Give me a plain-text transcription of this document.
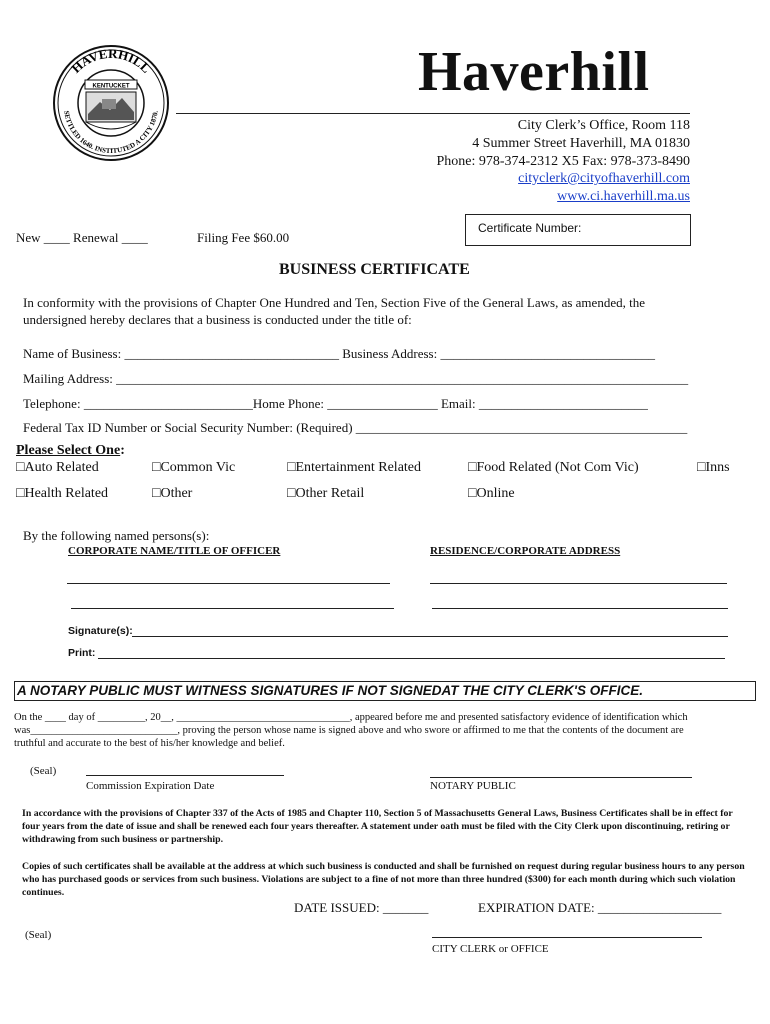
HAVERHILL
SETTLED 1640. INSTITUTED A CITY 1870.
KENTUCKET	Haverhill
City Clerk’s Office, Room 118
4 Summer Street Haverhill, MA 01830
Phone: 978-374-2312 X5 Fax: 978-373-8490
cityclerk@cityofhaverhill.com
www.ci.haverhill.ma.us
New ____ Renewal ____	Filing Fee $60.00
Certificate Number:
BUSINESS CERTIFICATE
In conformity with the provisions of Chapter One Hundred and Ten, Section Five of the General Laws, as amended, the
undersigned hereby declares that a business is conducted under the title of:
Name of Business: _________________________________ Business Address: _________________________________
Mailing Address: ________________________________________________________________________________________
Telephone: __________________________Home Phone: _________________ Email: __________________________
Federal Tax ID Number or Social Security Number: (Required) ___________________________________________________
Please Select One:
□Auto Related	□Common Vic	□Entertainment Related	□Food Related (Not Com Vic)	□Inns
□Health Related	□Other	□Other Retail	□Online
By the following named persons(s):
CORPORATE NAME/TITLE OF OFFICER	RESIDENCE/CORPORATE ADDRESS
Signature(s):
Print:
A NOTARY PUBLIC MUST WITNESS SIGNATURES IF NOT SIGNEDAT THE CITY CLERK'S OFFICE.
On the ____ day of _________, 20__, _________________________________, appeared before me and presented satisfactory evidence of identification which
was____________________________, proving the person whose name is signed above and who swore or affirmed to me that the contents of the document are
truthful and accurate to the best of his/her knowledge and belief.
(Seal)
Commission Expiration Date	NOTARY PUBLIC
In accordance with the provisions of Chapter 337 of the Acts of 1985 and Chapter 110, Section 5 of Massachusetts General Laws, Business Certificates shall be in effect for four years from the date of issue and shall be renewed each four years thereafter. A statement under oath must be filed with the City Clerk upon discontinuing, retiring or withdrawing from such business or partnership.
Copies of such certificates shall be available at the address at which such business is conducted and shall be furnished on request during regular business hours to any person who has purchased goods or services from such business. Violations are subject to a fine of not more than three hundred ($300) for each month during which such violation continues.
DATE ISSUED: _______	EXPIRATION DATE: ___________________
(Seal)
CITY CLERK or OFFICE
